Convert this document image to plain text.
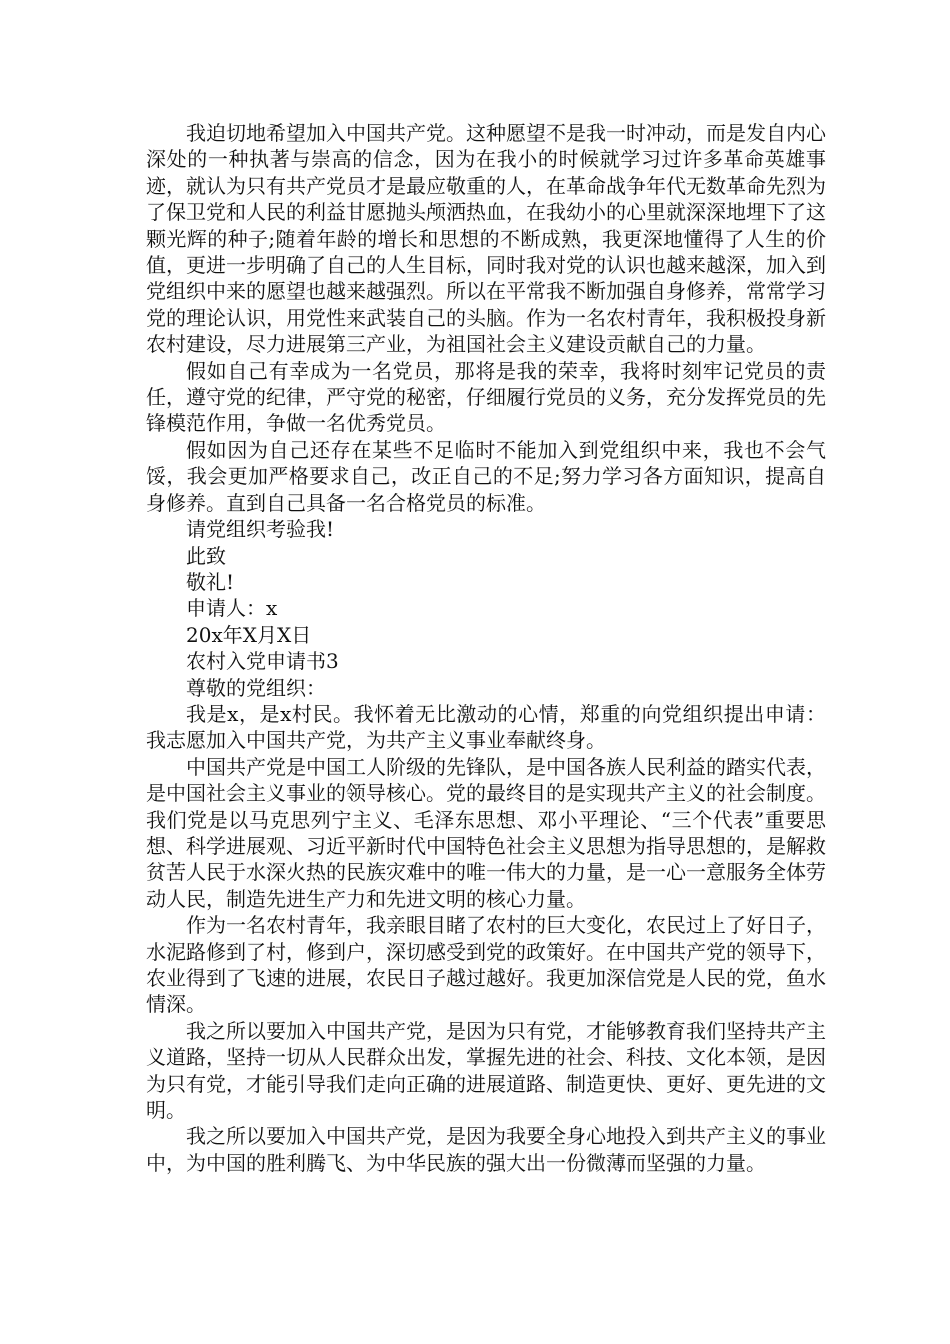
我迫切地希望加入中国共产党。这种愿望不是我一时冲动，而是发自内心深处的一种执著与崇高的信念，因为在我小的时候就学习过许多革命英雄事迹，就认为只有共产党员才是最应敬重的人，在革命战争年代无数革命先烈为了保卫党和人民的利益甘愿抛头颅洒热血，在我幼小的心里就深深地埋下了这颗光辉的种子;随着年龄的增长和思想的不断成熟，我更深地懂得了人生的价值，更进一步明确了自己的人生目标，同时我对党的认识也越来越深，加入到党组织中来的愿望也越来越强烈。所以在平常我不断加强自身修养，常常学习党的理论认识，用党性来武装自己的头脑。作为一名农村青年，我积极投身新农村建设，尽力进展第三产业，为祖国社会主义建设贡献自己的力量。

假如自己有幸成为一名党员，那将是我的荣幸，我将时刻牢记党员的责任，遵守党的纪律，严守党的秘密，仔细履行党员的义务，充分发挥党员的先锋模范作用，争做一名优秀党员。

假如因为自己还存在某些不足临时不能加入到党组织中来，我也不会气馁，我会更加严格要求自己，改正自己的不足;努力学习各方面知识，提高自身修养。直到自己具备一名合格党员的标准。

请党组织考验我!

此致

敬礼!

申请人：x

20x年X月X日

农村入党申请书3

尊敬的党组织：

我是x，是x村民。我怀着无比激动的心情，郑重的向党组织提出申请：我志愿加入中国共产党，为共产主义事业奉献终身。

中国共产党是中国工人阶级的先锋队，是中国各族人民利益的踏实代表，是中国社会主义事业的领导核心。党的最终目的是实现共产主义的社会制度。我们党是以马克思列宁主义、毛泽东思想、邓小平理论、“三个代表”重要思想、科学进展观、习近平新时代中国特色社会主义思想为指导思想的，是解救贫苦人民于水深火热的民族灾难中的唯一伟大的力量，是一心一意服务全体劳动人民，制造先进生产力和先进文明的核心力量。

作为一名农村青年，我亲眼目睹了农村的巨大变化，农民过上了好日子，水泥路修到了村，修到户，深切感受到党的政策好。在中国共产党的领导下，农业得到了飞速的进展，农民日子越过越好。我更加深信党是人民的党，鱼水情深。

我之所以要加入中国共产党，是因为只有党，才能够教育我们坚持共产主义道路，坚持一切从人民群众出发，掌握先进的社会、科技、文化本领，是因为只有党，才能引导我们走向正确的进展道路、制造更快、更好、更先进的文明。

我之所以要加入中国共产党，是因为我要全身心地投入到共产主义的事业中，为中国的胜利腾飞、为中华民族的强大出一份微薄而坚强的力量。
